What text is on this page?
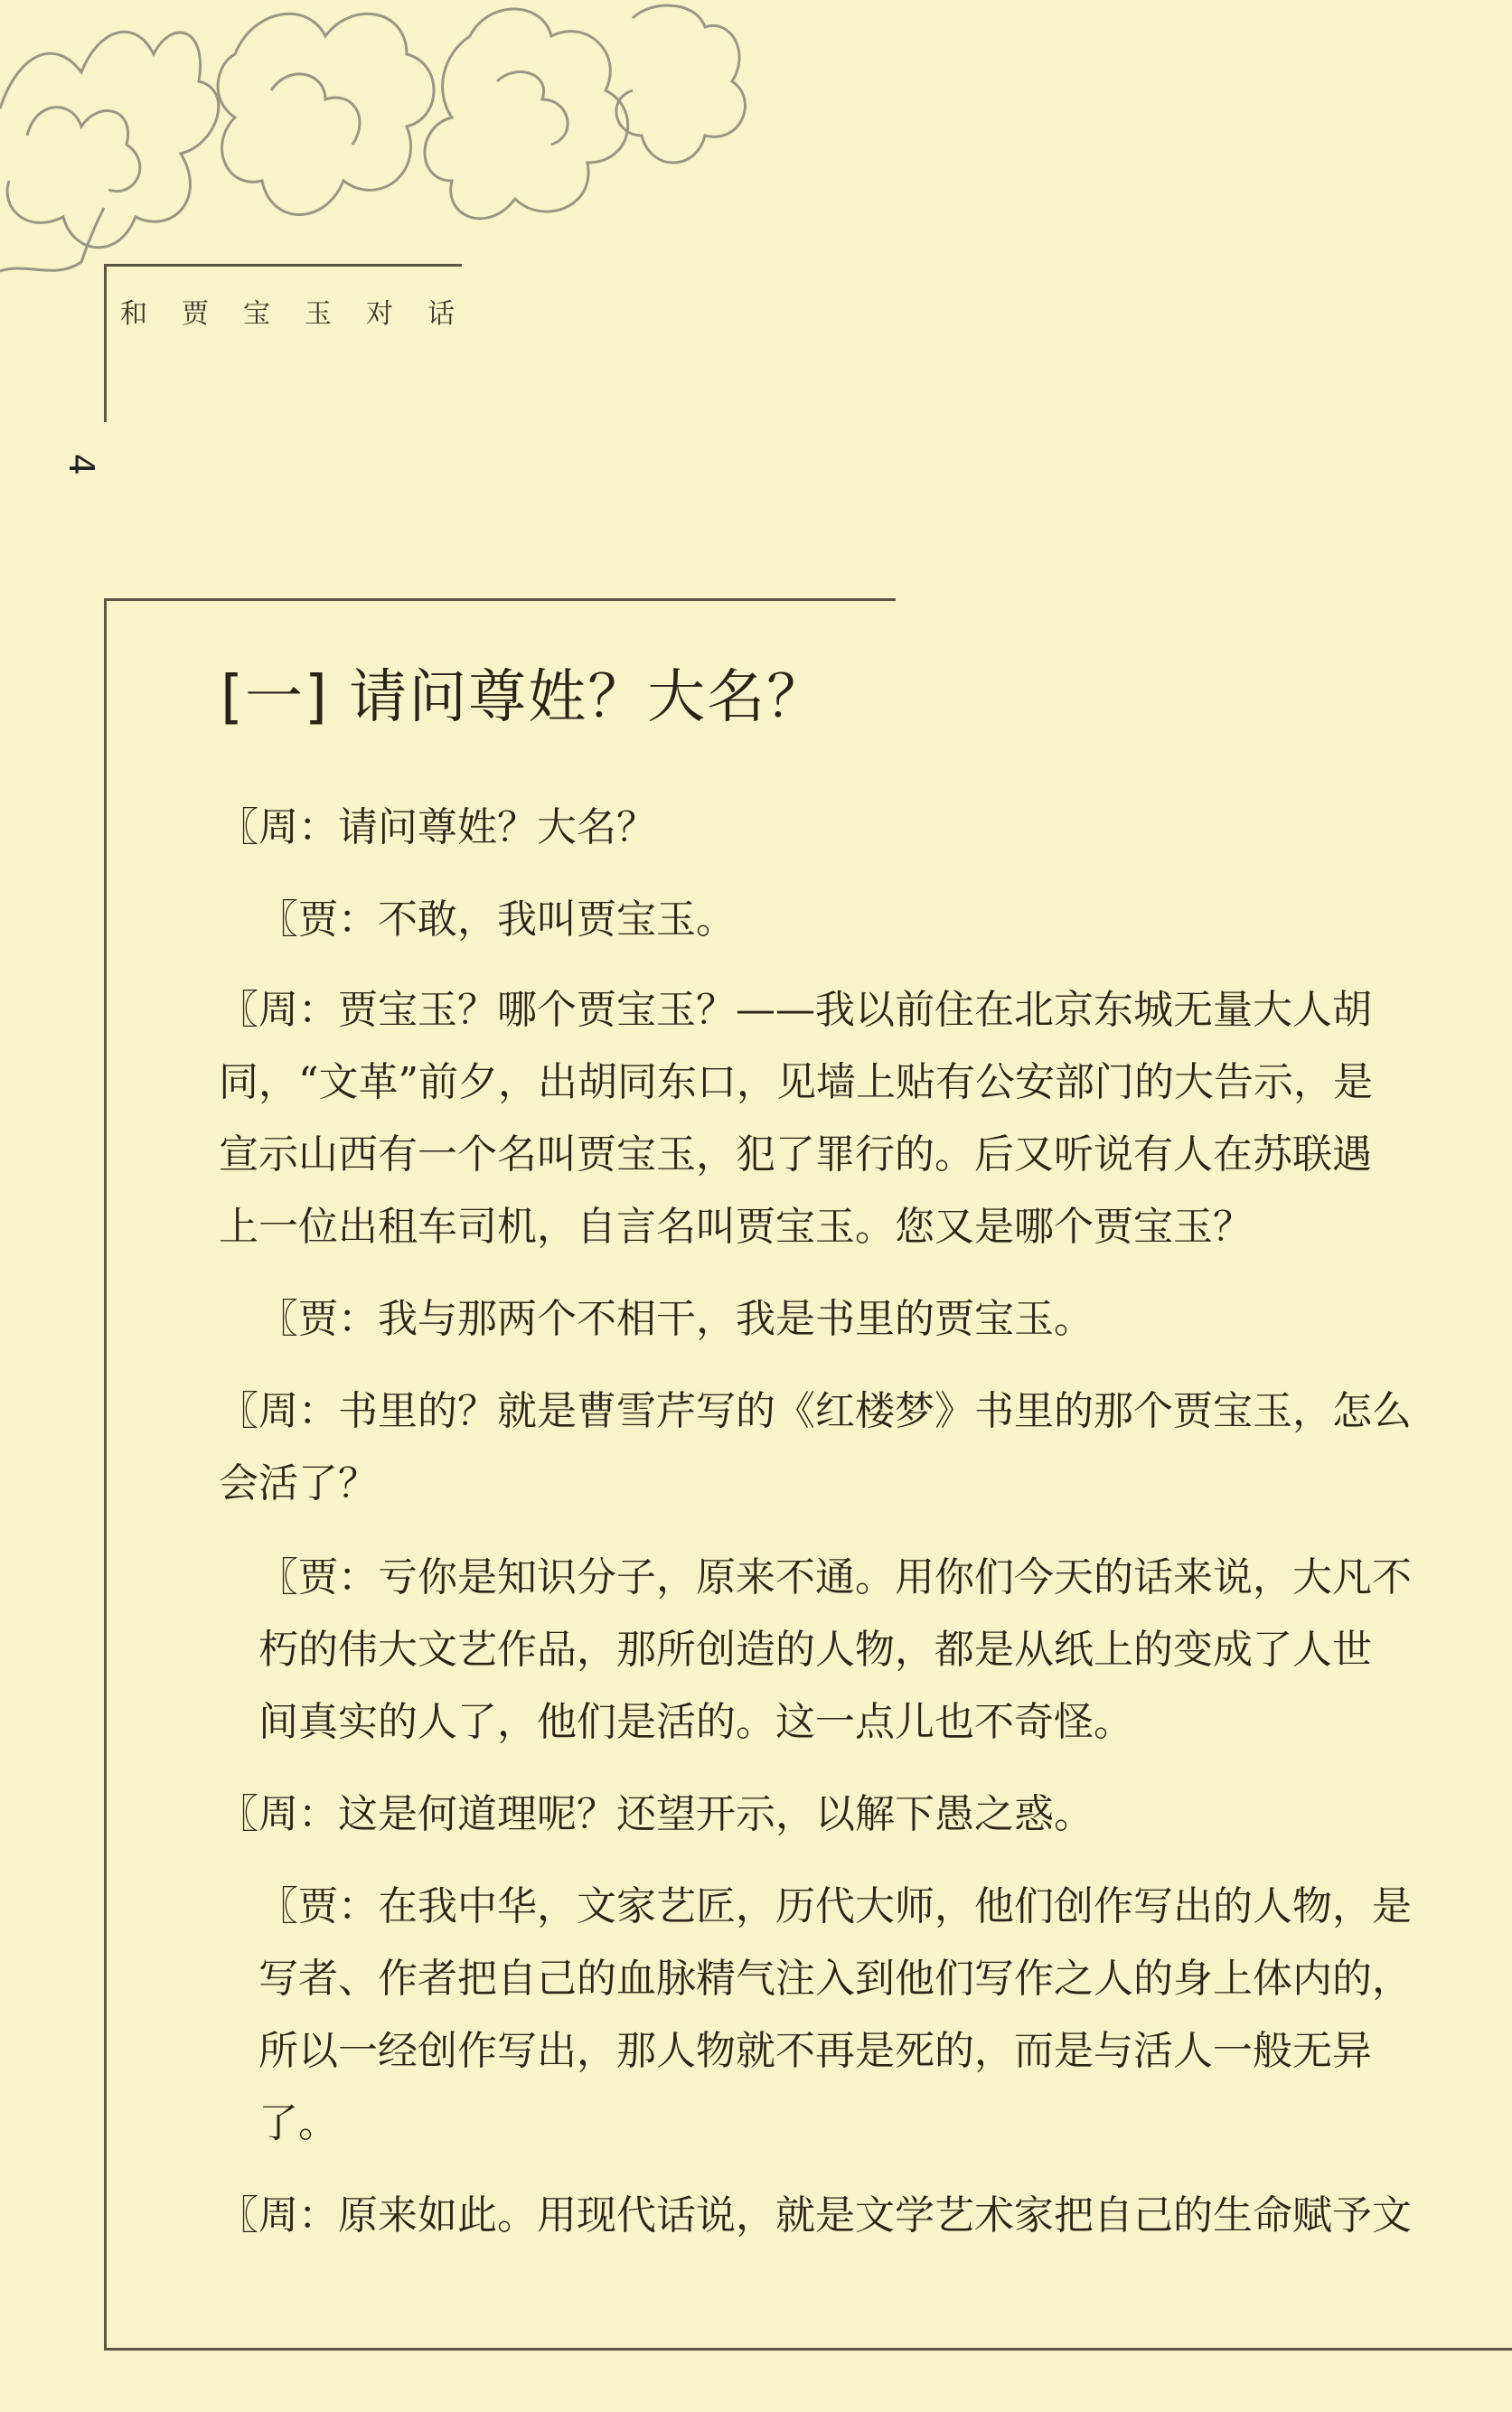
和贾宝玉对话
4
[一] 请问尊姓？大名？
〖周：请问尊姓？大名？
〖贾：不敢，我叫贾宝玉。
〖周：贾宝玉？哪个贾宝玉？——我以前住在北京东城无量大人胡
同，“文革”前夕，出胡同东口，见墙上贴有公安部门的大告示，是
宣示山西有一个名叫贾宝玉，犯了罪行的。后又听说有人在苏联遇
上一位出租车司机，自言名叫贾宝玉。您又是哪个贾宝玉？
〖贾：我与那两个不相干，我是书里的贾宝玉。
〖周：书里的？就是曹雪芹写的《红楼梦》书里的那个贾宝玉，怎么
会活了？
〖贾：亏你是知识分子，原来不通。用你们今天的话来说，大凡不
朽的伟大文艺作品，那所创造的人物，都是从纸上的变成了人世
间真实的人了，他们是活的。这一点儿也不奇怪。
〖周：这是何道理呢？还望开示，以解下愚之惑。
〖贾：在我中华，文家艺匠，历代大师，他们创作写出的人物，是
写者、作者把自己的血脉精气注入到他们写作之人的身上体内的，
所以一经创作写出，那人物就不再是死的，而是与活人一般无异
了。
〖周：原来如此。用现代话说，就是文学艺术家把自己的生命赋予文
